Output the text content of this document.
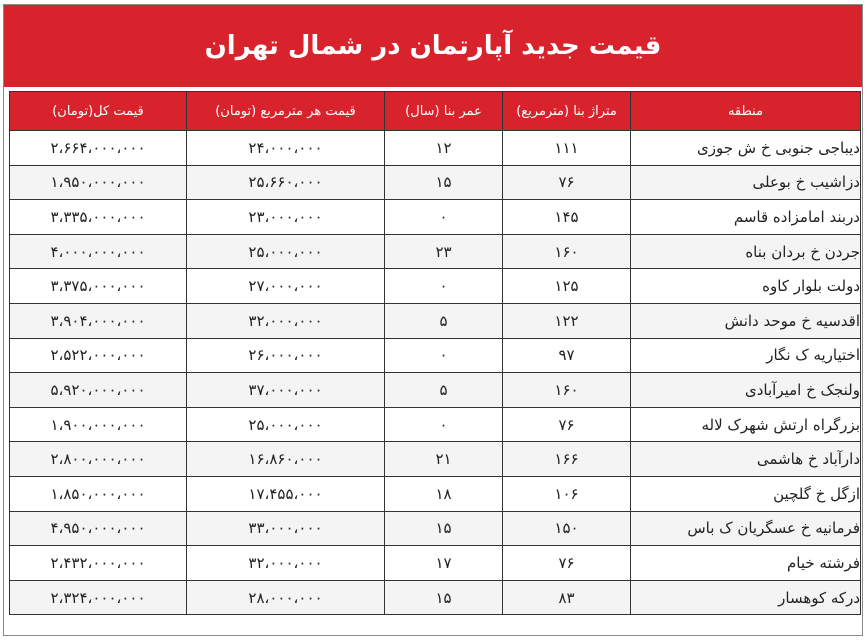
قیمت جدید آپارتمان در شمال تهران
منطقه	متراژ بنا (مترمربع)	عمر بنا (سال)	قیمت هر مترمربع (تومان)	قیمت کل(تومان)
دیباجی جنوبی خ ش جوزی	۱۱۱	۱۲	۲۴،۰۰۰،۰۰۰	۲،۶۶۴،۰۰۰،۰۰۰
دزاشیب خ بوعلی	۷۶	۱۵	۲۵،۶۶۰،۰۰۰	۱،۹۵۰،۰۰۰،۰۰۰
دربند امامزاده قاسم	۱۴۵	۰	۲۳،۰۰۰،۰۰۰	۳،۳۳۵،۰۰۰،۰۰۰
جردن خ بردان بناه	۱۶۰	۲۳	۲۵،۰۰۰،۰۰۰	۴،۰۰۰،۰۰۰،۰۰۰
دولت بلوار کاوه	۱۲۵	۰	۲۷،۰۰۰،۰۰۰	۳،۳۷۵،۰۰۰،۰۰۰
اقدسیه خ موحد دانش	۱۲۲	۵	۳۲،۰۰۰،۰۰۰	۳،۹۰۴،۰۰۰،۰۰۰
اختیاریه ک نگار	۹۷	۰	۲۶،۰۰۰،۰۰۰	۲،۵۲۲،۰۰۰،۰۰۰
ولنجک خ امیرآبادی	۱۶۰	۵	۳۷،۰۰۰،۰۰۰	۵،۹۲۰،۰۰۰،۰۰۰
بزرگراه ارتش شهرک لاله	۷۶	۰	۲۵،۰۰۰،۰۰۰	۱،۹۰۰،۰۰۰،۰۰۰
دارآباد خ هاشمی	۱۶۶	۲۱	۱۶،۸۶۰،۰۰۰	۲،۸۰۰،۰۰۰،۰۰۰
ازگل خ گلچین	۱۰۶	۱۸	۱۷،۴۵۵،۰۰۰	۱،۸۵۰،۰۰۰،۰۰۰
فرمانیه خ عسگریان ک باس	۱۵۰	۱۵	۳۳،۰۰۰،۰۰۰	۴،۹۵۰،۰۰۰،۰۰۰
فرشته خیام	۷۶	۱۷	۳۲،۰۰۰،۰۰۰	۲،۴۳۲،۰۰۰،۰۰۰
درکه کوهسار	۸۳	۱۵	۲۸،۰۰۰،۰۰۰	۲،۳۲۴،۰۰۰،۰۰۰
